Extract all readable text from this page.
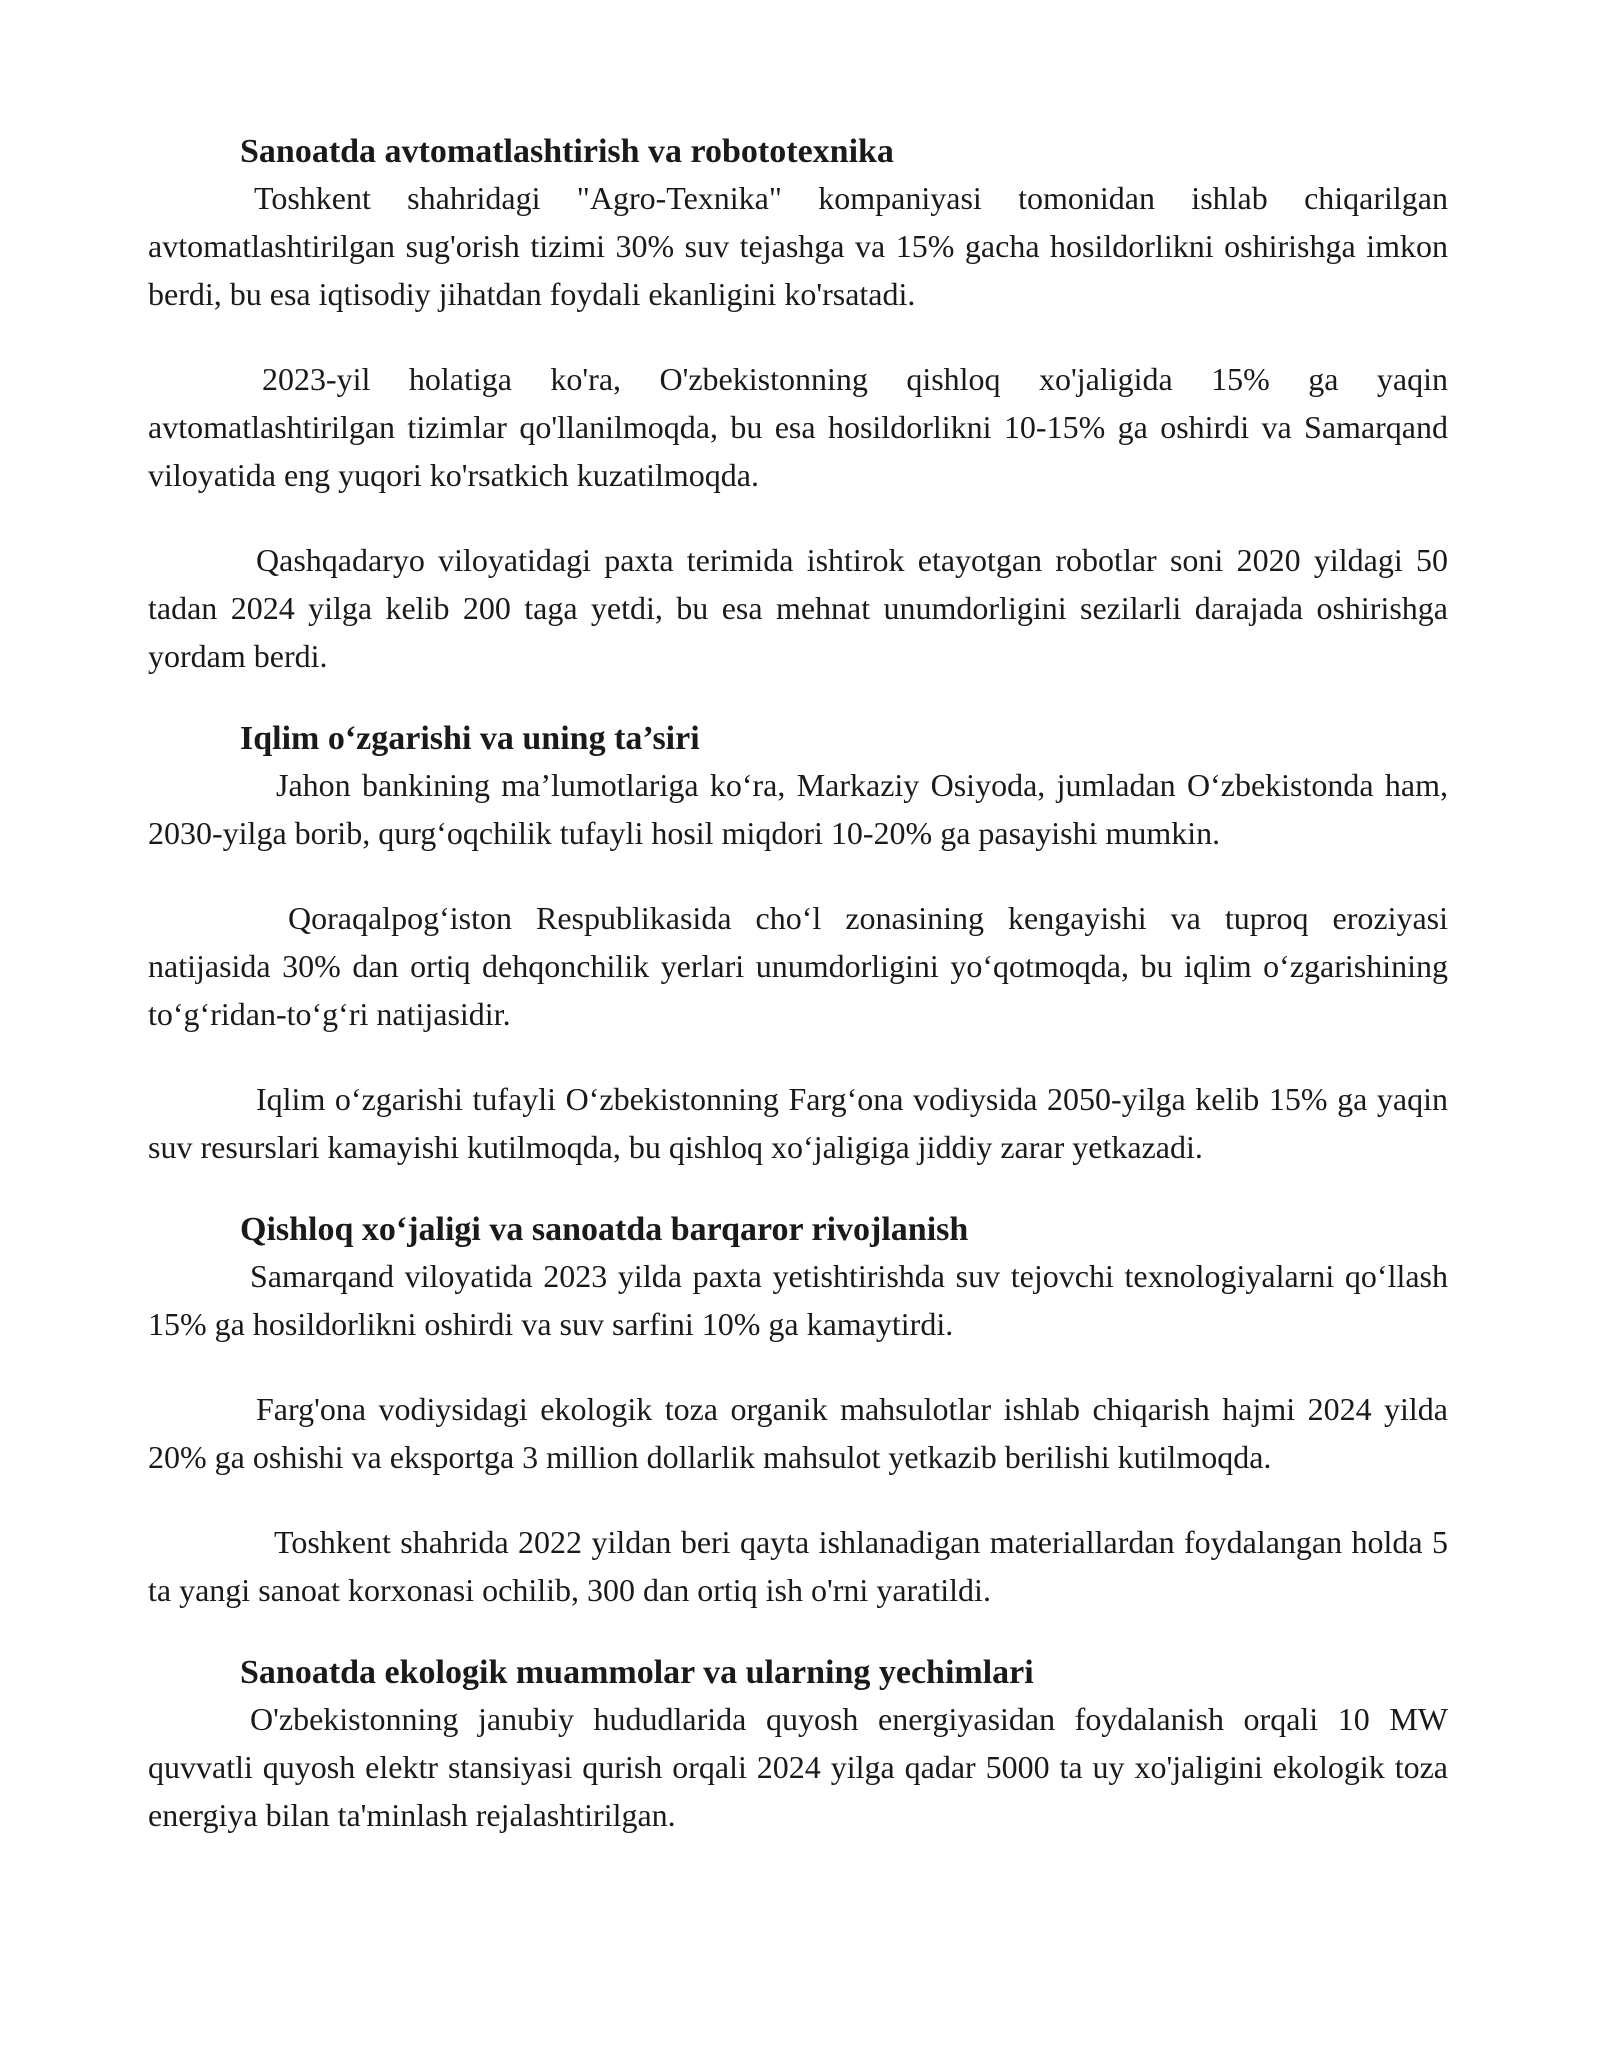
Sanoatda avtomatlashtirish va robototexnika

Toshkent shahridagi "Agro-Texnika" kompaniyasi tomonidan ishlab chiqarilgan avtomatlashtirilgan sug'orish tizimi 30% suv tejashga va 15% gacha hosildorlikni oshirishga imkon berdi, bu esa iqtisodiy jihatdan foydali ekanligini ko'rsatadi.

2023-yil holatiga ko'ra, O'zbekistonning qishloq xo'jaligida 15% ga yaqin avtomatlashtirilgan tizimlar qo'llanilmoqda, bu esa hosildorlikni 10-15% ga oshirdi va Samarqand viloyatida eng yuqori ko'rsatkich kuzatilmoqda.

Qashqadaryo viloyatidagi paxta terimida ishtirok etayotgan robotlar soni 2020 yildagi 50 tadan 2024 yilga kelib 200 taga yetdi, bu esa mehnat unumdorligini sezilarli darajada oshirishga yordam berdi.

Iqlim o‘zgarishi va uning ta’siri

Jahon bankining ma’lumotlariga ko‘ra, Markaziy Osiyoda, jumladan O‘zbekistonda ham, 2030-yilga borib, qurg‘oqchilik tufayli hosil miqdori 10-20% ga pasayishi mumkin.

Qoraqalpog‘iston Respublikasida cho‘l zonasining kengayishi va tuproq eroziyasi natijasida 30% dan ortiq dehqonchilik yerlari unumdorligini yo‘qotmoqda, bu iqlim o‘zgarishining to‘g‘ridan-to‘g‘ri natijasidir.

Iqlim o‘zgarishi tufayli O‘zbekistonning Farg‘ona vodiysida 2050-yilga kelib 15% ga yaqin suv resurslari kamayishi kutilmoqda, bu qishloq xo‘jaligiga jiddiy zarar yetkazadi.

Qishloq xo‘jaligi va sanoatda barqaror rivojlanish

Samarqand viloyatida 2023 yilda paxta yetishtirishda suv tejovchi texnologiyalarni qo‘llash 15% ga hosildorlikni oshirdi va suv sarfini 10% ga kamaytirdi.

Farg'ona vodiysidagi ekologik toza organik mahsulotlar ishlab chiqarish hajmi 2024 yilda 20% ga oshishi va eksportga 3 million dollarlik mahsulot yetkazib berilishi kutilmoqda.

Toshkent shahrida 2022 yildan beri qayta ishlanadigan materiallardan foydalangan holda 5 ta yangi sanoat korxonasi ochilib, 300 dan ortiq ish o'rni yaratildi.

Sanoatda ekologik muammolar va ularning yechimlari

O'zbekistonning janubiy hududlarida quyosh energiyasidan foydalanish orqali 10 MW quvvatli quyosh elektr stansiyasi qurish orqali 2024 yilga qadar 5000 ta uy xo'jaligini ekologik toza energiya bilan ta'minlash rejalashtirilgan.
